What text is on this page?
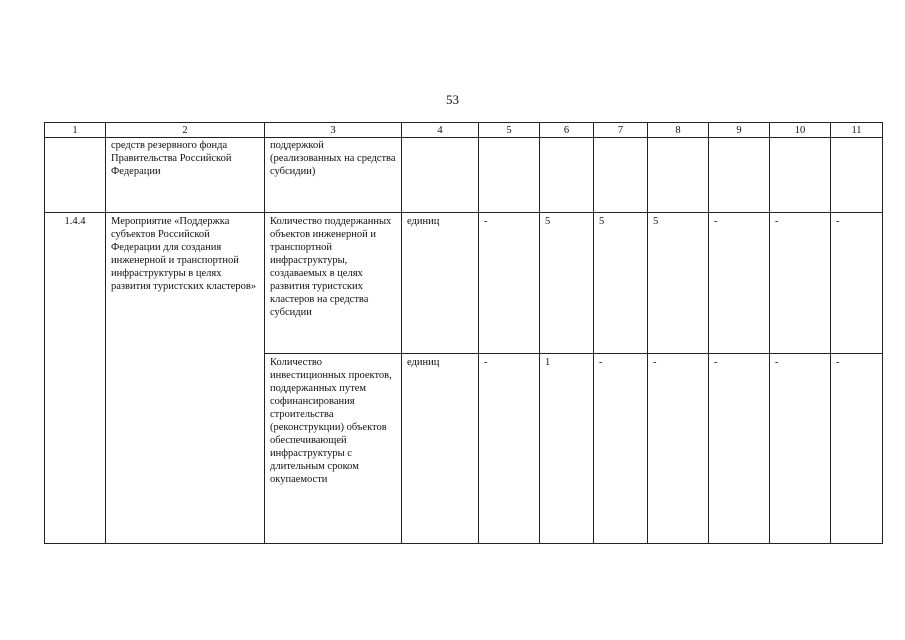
53
1	2	3	4	5	6	7	8	9	10	11
	средств резервного фонда Правительства Российской Федерации	поддержкой (реализованных на средства субсидии)								
1.4.4	Мероприятие «Поддержка субъектов Российской Федерации для создания инженерной и транспортной инфраструктуры в целях развития туристских кластеров»	Количество поддержанных объектов инженерной и транспортной инфраструктуры, создаваемых в целях развития туристских кластеров на средства субсидии	единиц	-	5	5	5	-	-	-
		Количество инвестиционных проектов, поддержанных путем софинансирования строительства (реконструкции) объектов обеспечивающей инфраструктуры с длительным сроком окупаемости	единиц	-	1	-	-	-	-	-
